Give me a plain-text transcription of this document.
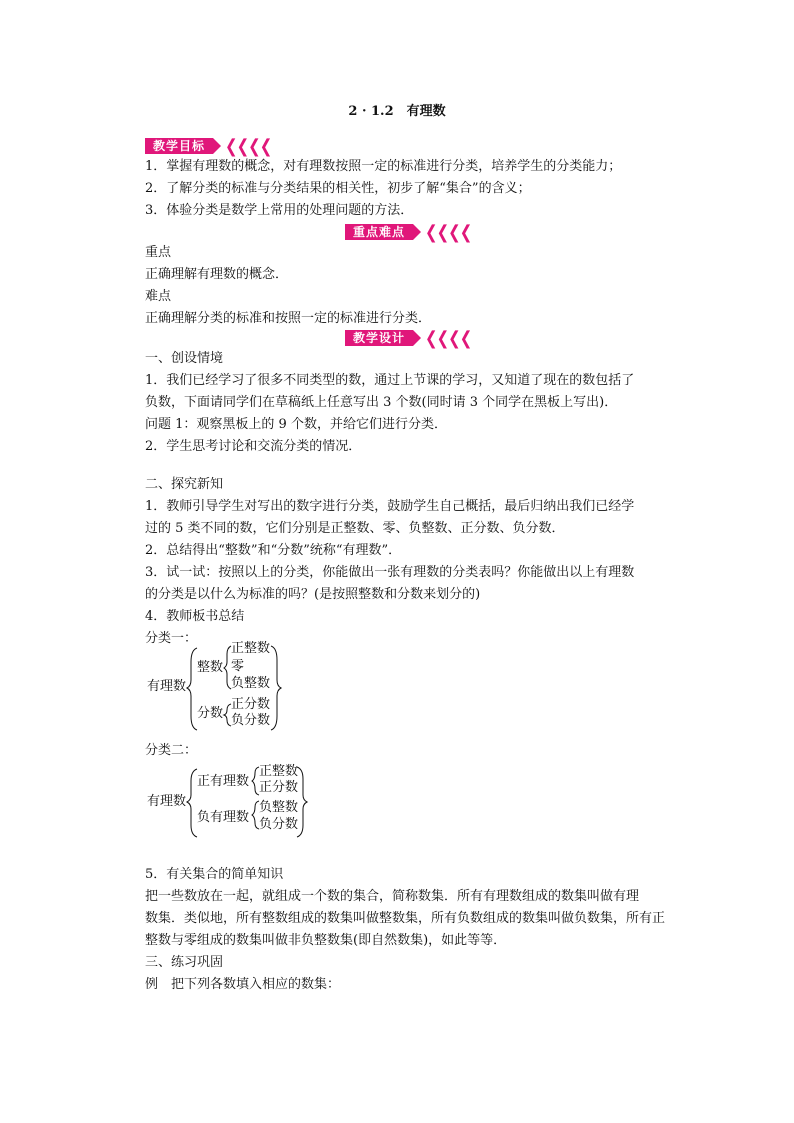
2 · 1.2　有理数
教学目标	❮❮❮❮
1．掌握有理数的概念，对有理数按照一定的标准进行分类，培养学生的分类能力；
2．了解分类的标准与分类结果的相关性，初步了解“集合”的含义；
3．体验分类是数学上常用的处理问题的方法．
重点难点	❮❮❮❮
重点
正确理解有理数的概念．
难点
正确理解分类的标准和按照一定的标准进行分类．
教学设计	❮❮❮❮
一、创设情境
1．我们已经学习了很多不同类型的数，通过上节课的学习，又知道了现在的数包括了
负数，下面请同学们在草稿纸上任意写出 3 个数(同时请 3 个同学在黑板上写出)．
问题 1：观察黑板上的 9 个数，并给它们进行分类．
2．学生思考讨论和交流分类的情况．
二、探究新知
1．教师引导学生对写出的数字进行分类，鼓励学生自己概括，最后归纳出我们已经学
过的 5 类不同的数，它们分别是正整数、零、负整数、正分数、负分数．
2．总结得出“整数”和“分数”统称“有理数”．
3．试一试：按照以上的分类，你能做出一张有理数的分类表吗？你能做出以上有理数
的分类是以什么为标准的吗？(是按照整数和分数来划分的)
4．教师板书总结
分类一：
有理数
整数
正整数
零
负整数
分数
正分数
负分数
分类二：
有理数
正有理数
正整数
正分数
负有理数
负整数
负分数
5．有关集合的简单知识
把一些数放在一起，就组成一个数的集合，简称数集．所有有理数组成的数集叫做有理
数集．类似地，所有整数组成的数集叫做整数集，所有负数组成的数集叫做负数集，所有正
整数与零组成的数集叫做非负整数集(即自然数集)，如此等等．
三、练习巩固
例　把下列各数填入相应的数集：
